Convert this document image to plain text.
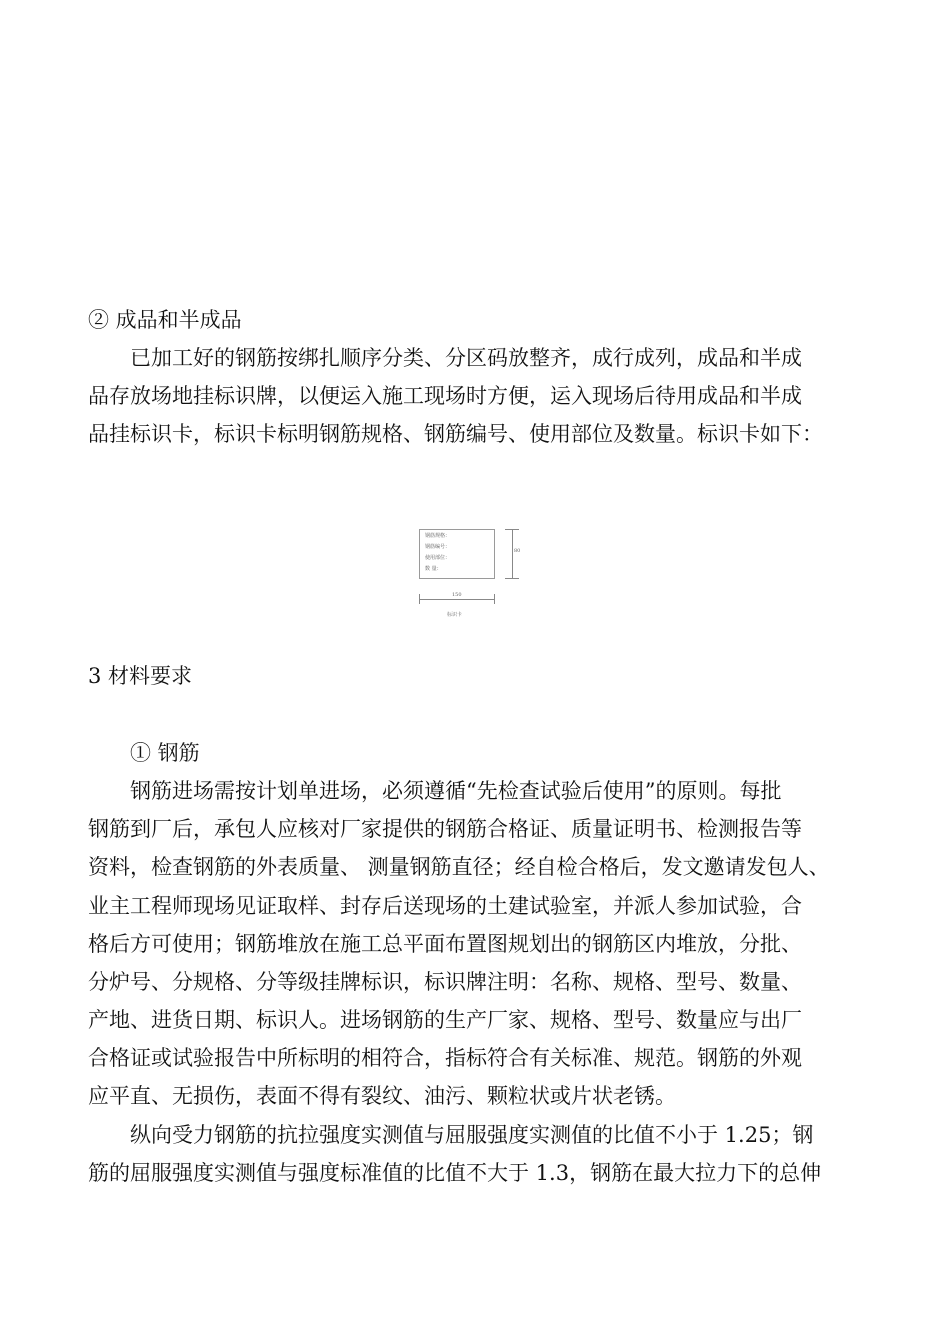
② 成品和半成品
已加工好的钢筋按绑扎顺序分类、分区码放整齐，成行成列，成品和半成
品存放场地挂标识牌，以便运入施工现场时方便，运入现场后待用成品和半成
品挂标识卡，标识卡标明钢筋规格、钢筋编号、使用部位及数量。标识卡如下：
钢筋规格：
钢筋编号：
使用部位：
数 量：
80
150
标识卡
3 材料要求
① 钢筋
钢筋进场需按计划单进场，必须遵循“先检查试验后使用”的原则。每批
钢筋到厂后，承包人应核对厂家提供的钢筋合格证、质量证明书、检测报告等
资料，检查钢筋的外表质量、 测量钢筋直径；经自检合格后，发文邀请发包人、
业主工程师现场见证取样、封存后送现场的土建试验室，并派人参加试验，合
格后方可使用；钢筋堆放在施工总平面布置图规划出的钢筋区内堆放，分批、
分炉号、分规格、分等级挂牌标识，标识牌注明：名称、规格、型号、数量、
产地、进货日期、标识人。进场钢筋的生产厂家、规格、型号、数量应与出厂
合格证或试验报告中所标明的相符合，指标符合有关标准、规范。钢筋的外观
应平直、无损伤，表面不得有裂纹、油污、颗粒状或片状老锈。
纵向受力钢筋的抗拉强度实测值与屈服强度实测值的比值不小于 1.25；钢
筋的屈服强度实测值与强度标准值的比值不大于 1.3，钢筋在最大拉力下的总伸
